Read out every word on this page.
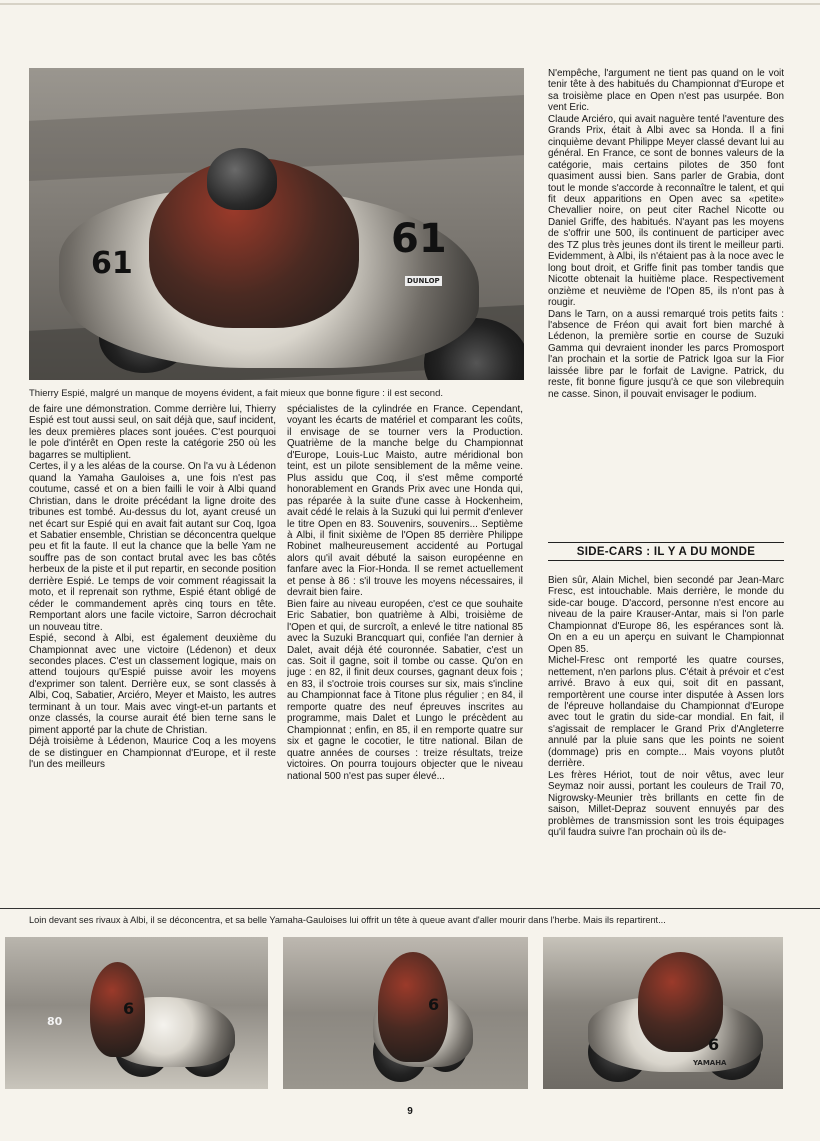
61
61
DUNLOP

Thierry Espié, malgré un manque de moyens évident, a fait mieux que bonne figure : il est second.

de faire une démonstration. Comme derrière lui, Thierry Espié est tout aussi seul, on sait déjà que, sauf incident, les deux premières places sont jouées. C'est pourquoi le pole d'intérêt en Open reste la catégorie 250 où les bagarres se multiplient.

Certes, il y a les aléas de la course. On l'a vu à Lédenon quand la Yamaha Gauloises a, une fois n'est pas coutume, cassé et on a bien failli le voir à Albi quand Christian, dans le droite précédant la ligne droite des tribunes est tombé. Au-dessus du lot, ayant creusé un net écart sur Espié qui en avait fait autant sur Coq, Igoa et Sabatier ensemble, Christian se déconcentra quelque peu et fit la faute. Il eut la chance que la belle Yam ne souffre pas de son contact brutal avec les bas côtés herbeux de la piste et il put repartir, en seconde position derrière Espié. Le temps de voir comment réagissait la moto, et il reprenait son rythme, Espié étant obligé de céder le commandement après cinq tours en tête. Remportant alors une facile victoire, Sarron décrochait un nouveau titre.

Espié, second à Albi, est également deuxième du Championnat avec une victoire (Lédenon) et deux secondes places. C'est un classement logique, mais on attend toujours qu'Espié puisse avoir les moyens d'exprimer son talent. Derrière eux, se sont classés à Albi, Coq, Sabatier, Arciéro, Meyer et Maisto, les autres terminant à un tour. Mais avec vingt-et-un partants et onze classés, la course aurait été bien terne sans le piment apporté par la chute de Christian.

Déjà troisième à Lédenon, Maurice Coq a les moyens de se distinguer en Championnat d'Europe, et il reste l'un des meilleurs

spécialistes de la cylindrée en France. Cependant, voyant les écarts de matériel et comparant les coûts, il envisage de se tourner vers la Production. Quatrième de la manche belge du Championnat d'Europe, Louis-Luc Maisto, autre méridional bon teint, est un pilote sensiblement de la même veine. Plus assidu que Coq, il s'est même comporté honorablement en Grands Prix avec une Honda qui, pas réparée à la suite d'une casse à Hockenheim, avait cédé le relais à la Suzuki qui lui permit d'enlever le titre Open en 83. Souvenirs, souvenirs... Septième à Albi, il finit sixième de l'Open 85 derrière Philippe Robinet malheureusement accidenté au Portugal alors qu'il avait débuté la saison européenne en fanfare avec la Fior-Honda. Il se remet actuellement et pense à 86 : s'il trouve les moyens nécessaires, il devrait bien faire.

Bien faire au niveau européen, c'est ce que souhaite Eric Sabatier, bon quatrième à Albi, troisième de l'Open et qui, de surcroît, a enlevé le titre national 85 avec la Suzuki Brancquart qui, confiée l'an dernier à Dalet, avait déjà été couronnée. Sabatier, c'est un cas. Soit il gagne, soit il tombe ou casse. Qu'on en juge : en 82, il finit deux courses, gagnant deux fois ; en 83, il s'octroie trois courses sur six, mais s'incline au Championnat face à Titone plus régulier ; en 84, il remporte quatre des neuf épreuves inscrites au programme, mais Dalet et Lungo le précèdent au Championnat ; enfin, en 85, il en remporte quatre sur six et gagne le cocotier, le titre national. Bilan de quatre années de courses : treize résultats, treize victoires. On pourra toujours objecter que le niveau national 500 n'est pas super élevé...

N'empêche, l'argument ne tient pas quand on le voit tenir tête à des habitués du Championnat d'Europe et sa troisième place en Open n'est pas usurpée. Bon vent Eric.

Claude Arciéro, qui avait naguère tenté l'aventure des Grands Prix, était à Albi avec sa Honda. Il a fini cinquième devant Philippe Meyer classé devant lui au général. En France, ce sont de bonnes valeurs de la catégorie, mais certains pilotes de 350 font quasiment aussi bien. Sans parler de Grabia, dont tout le monde s'accorde à reconnaître le talent, et qui fit deux apparitions en Open avec sa «petite» Chevallier noire, on peut citer Rachel Nicotte ou Daniel Griffe, des habitués. N'ayant pas les moyens de s'offrir une 500, ils continuent de participer avec des TZ plus très jeunes dont ils tirent le meilleur parti. Evidemment, à Albi, ils n'étaient pas à la noce avec le long bout droit, et Griffe finit pas tomber tandis que Nicotte obtenait la huitième place. Respectivement onzième et neuvième de l'Open 85, ils n'ont pas à rougir.

Dans le Tarn, on a aussi remarqué trois petits faits : l'absence de Fréon qui avait fort bien marché à Lédenon, la première sortie en course de Suzuki Gamma qui devraient inonder les parcs Promosport l'an prochain et la sortie de Patrick Igoa sur la Fior laissée libre par le forfait de Lavigne. Patrick, du reste, fit bonne figure jusqu'à ce que son vilebrequin ne casse. Sinon, il pouvait envisager le podium.

SIDE-CARS : IL Y A DU MONDE

Bien sûr, Alain Michel, bien secondé par Jean-Marc Fresc, est intouchable. Mais derrière, le monde du side-car bouge. D'accord, personne n'est encore au niveau de la paire Krauser-Antar, mais si l'on parle Championnat d'Europe 86, les espérances sont là. On en a eu un aperçu en suivant le Championnat Open 85.

Michel-Fresc ont remporté les quatre courses, nettement, n'en parlons plus. C'était à prévoir et c'est arrivé. Bravo à eux qui, soit dit en passant, remportèrent une course inter disputée à Assen lors de l'épreuve hollandaise du Championnat d'Europe avec tout le gratin du side-car mondial. En fait, il s'agissait de remplacer le Grand Prix d'Angleterre annulé par la pluie sans que les points ne soient (dommage) pris en compte... Mais voyons plutôt derrière.

Les frères Hériot, tout de noir vêtus, avec leur Seymaz noir aussi, portant les couleurs de Trail 70, Nigrowsky-Meunier très brillants en cette fin de saison, Millet-Depraz souvent ennuyés par des problèmes de transmission sont les trois équipages qu'il faudra suivre l'an prochain où ils de-

Loin devant ses rivaux à Albi, il se déconcentra, et sa belle Yamaha-Gauloises lui offrit un tête à queue avant d'aller mourir dans l'herbe. Mais ils repartirent...

6
80
6
6
YAMAHA

9
